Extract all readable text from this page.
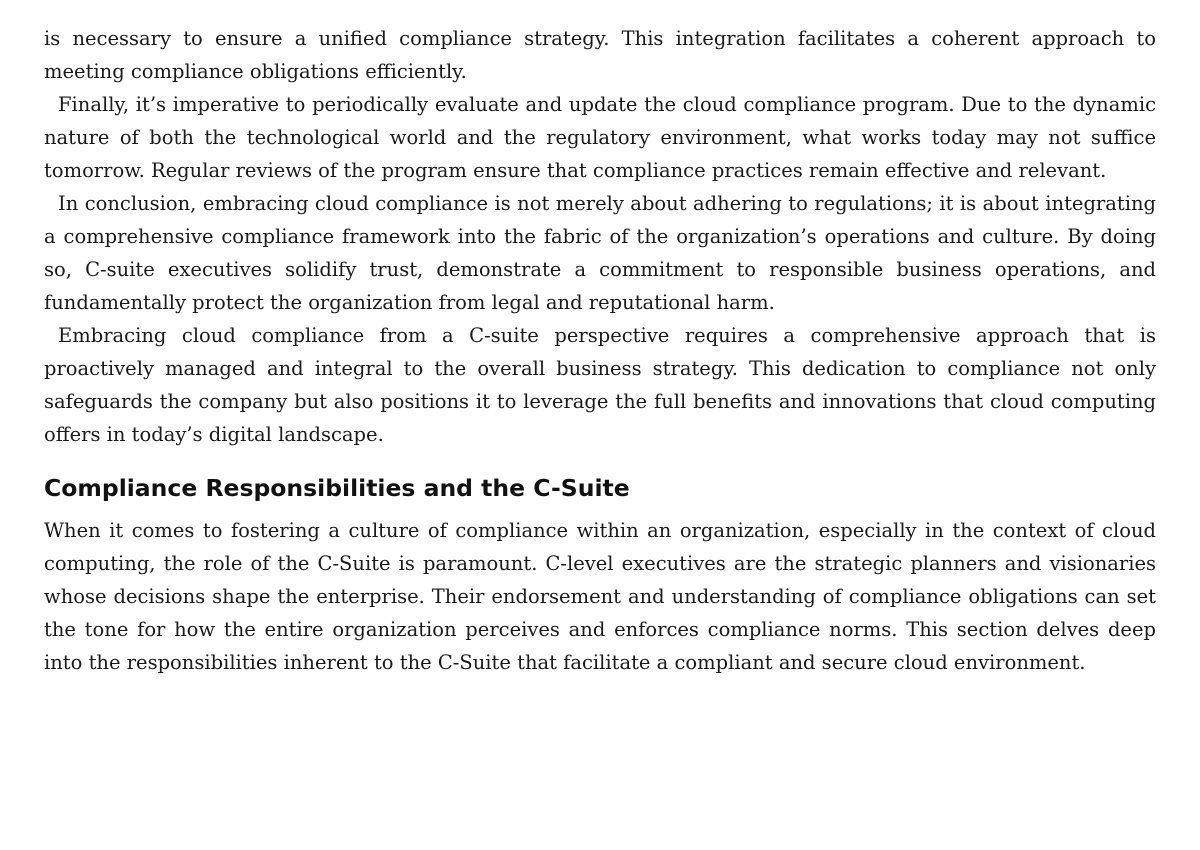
is necessary to ensure a unified compliance strategy. This integration facilitates a coherent approach to meeting compliance obligations efficiently.

Finally, it’s imperative to periodically evaluate and update the cloud compliance program. Due to the dynamic nature of both the technological world and the regulatory environment, what works today may not suffice tomorrow. Regular reviews of the program ensure that compliance practices remain effective and relevant.

In conclusion, embracing cloud compliance is not merely about adhering to regulations; it is about integrating a comprehensive compliance framework into the fabric of the organization’s operations and culture. By doing so, C-suite executives solidify trust, demonstrate a commitment to responsible business operations, and fundamentally protect the organization from legal and reputational harm.

Embracing cloud compliance from a C-suite perspective requires a comprehensive approach that is proactively managed and integral to the overall business strategy. This dedication to compliance not only safeguards the company but also positions it to leverage the full benefits and innovations that cloud computing offers in today’s digital landscape.

Compliance Responsibilities and the C-Suite

When it comes to fostering a culture of compliance within an organization, especially in the context of cloud computing, the role of the C-Suite is paramount. C-level executives are the strategic planners and visionaries whose decisions shape the enterprise. Their endorsement and understanding of compliance obligations can set the tone for how the entire organization perceives and enforces compliance norms. This section delves deep into the responsibilities inherent to the C-Suite that facilitate a compliant and secure cloud environment.
